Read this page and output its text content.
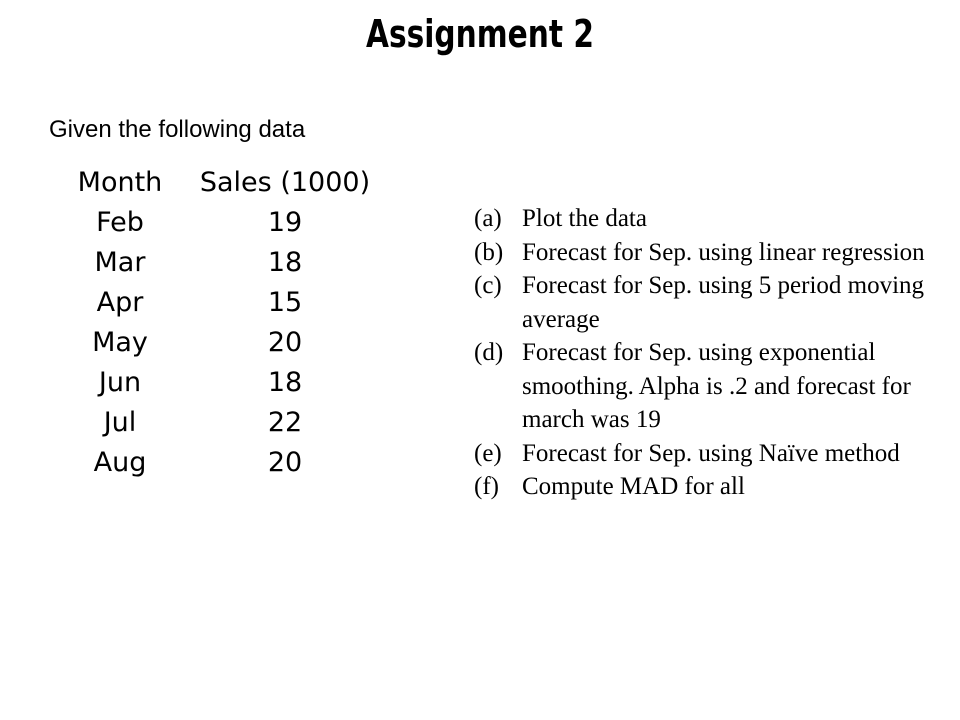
Assignment 2
Given the following data
Month	Sales (1000)
Feb	19
Mar	18
Apr	15
May	20
Jun	18
Jul	22
Aug	20
(a) Plot the data
(b) Forecast for Sep. using linear regression
(c) Forecast for Sep. using 5 period moving average
(d) Forecast for Sep. using exponential smoothing. Alpha is .2 and forecast for march was 19
(e) Forecast for Sep. using Naïve method
(f) Compute MAD for all
